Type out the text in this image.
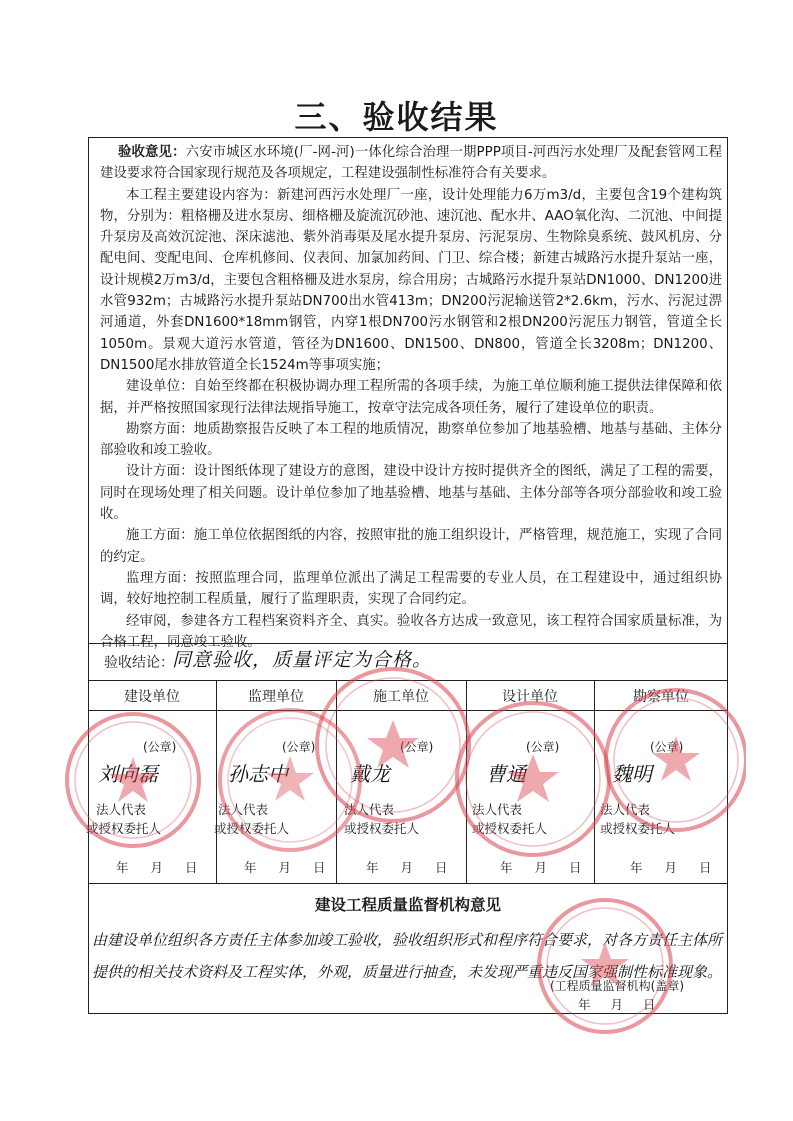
三、验收结果

验收意见：六安市城区水环境(厂-网-河)一体化综合治理一期PPP项目-河西污水处理厂及配套管网工程建设要求符合国家现行规范及各项规定，工程建设强制性标准符合有关要求。

本工程主要建设内容为：新建河西污水处理厂一座，设计处理能力6万m3/d，主要包含19个建构筑物，分别为：粗格栅及进水泵房、细格栅及旋流沉砂池、速沉池、配水井、AAO氧化沟、二沉池、中间提升泵房及高效沉淀池、深床滤池、紫外消毒渠及尾水提升泵房、污泥泵房、生物除臭系统、鼓风机房、分配电间、变配电间、仓库机修间、仪表间、加氯加药间、门卫、综合楼；新建古城路污水提升泵站一座，设计规模2万m3/d，主要包含粗格栅及进水泵房，综合用房；古城路污水提升泵站DN1000、DN1200进水管932m；古城路污水提升泵站DN700出水管413m；DN200污泥输送管2*2.6km，污水、污泥过淠河通道，外套DN1600*18mm钢管，内穿1根DN700污水钢管和2根DN200污泥压力钢管，管道全长1050m。景观大道污水管道，管径为DN1600、DN1500、DN800，管道全长3208m；DN1200、DN1500尾水排放管道全长1524m等事项实施；

建设单位：自始至终都在积极协调办理工程所需的各项手续，为施工单位顺利施工提供法律保障和依据，并严格按照国家现行法律法规指导施工，按章守法完成各项任务，履行了建设单位的职责。

勘察方面：地质勘察报告反映了本工程的地质情况，勘察单位参加了地基验槽、地基与基础、主体分部验收和竣工验收。

设计方面：设计图纸体现了建设方的意图，建设中设计方按时提供齐全的图纸，满足了工程的需要，同时在现场处理了相关问题。设计单位参加了地基验槽、地基与基础、主体分部等各项分部验收和竣工验收。

施工方面：施工单位依据图纸的内容，按照审批的施工组织设计，严格管理，规范施工，实现了合同的约定。

监理方面：按照监理合同，监理单位派出了满足工程需要的专业人员，在工程建设中，通过组织协调，较好地控制工程质量，履行了监理职责，实现了合同约定。

经审阅，参建各方工程档案资料齐全、真实。验收各方达成一致意见，该工程符合国家质量标准，为合格工程，同意竣工验收。

验收结论：
同意验收，质量评定为合格。
建设单位	监理单位	施工单位	设计单位	勘察单位
(公章)
刘向磊
法人代表
或授权委托人
年月日
(公章)
孙志中
法人代表
或授权委托人
年月日
(公章)
戴龙
法人代表
或授权委托人
年月日
(公章)
曹通
法人代表
或授权委托人
年月日
(公章)
魏明
法人代表
或授权委托人
年月日
建设工程质量监督机构意见
由建设单位组织各方责任主体参加竣工验收，验收组织形式和程序符合要求，对各方责任主体所提供的相关技术资料及工程实体，外观，质量进行抽查，未发现严重违反国家强制性标准现象。
(工程质量监督机构(盖章)
年月日
